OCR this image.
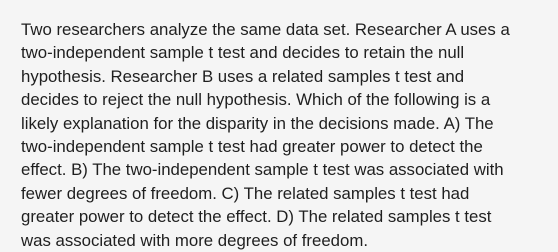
Two researchers analyze the same data set. Researcher A uses a
two-independent sample t test and decides to retain the null
hypothesis. Researcher B uses a related samples t test and
decides to reject the null hypothesis. Which of the following is a
likely explanation for the disparity in the decisions made. A) The
two-independent sample t test had greater power to detect the
effect. B) The two-independent sample t test was associated with
fewer degrees of freedom. C) The related samples t test had
greater power to detect the effect. D) The related samples t test
was associated with more degrees of freedom.
